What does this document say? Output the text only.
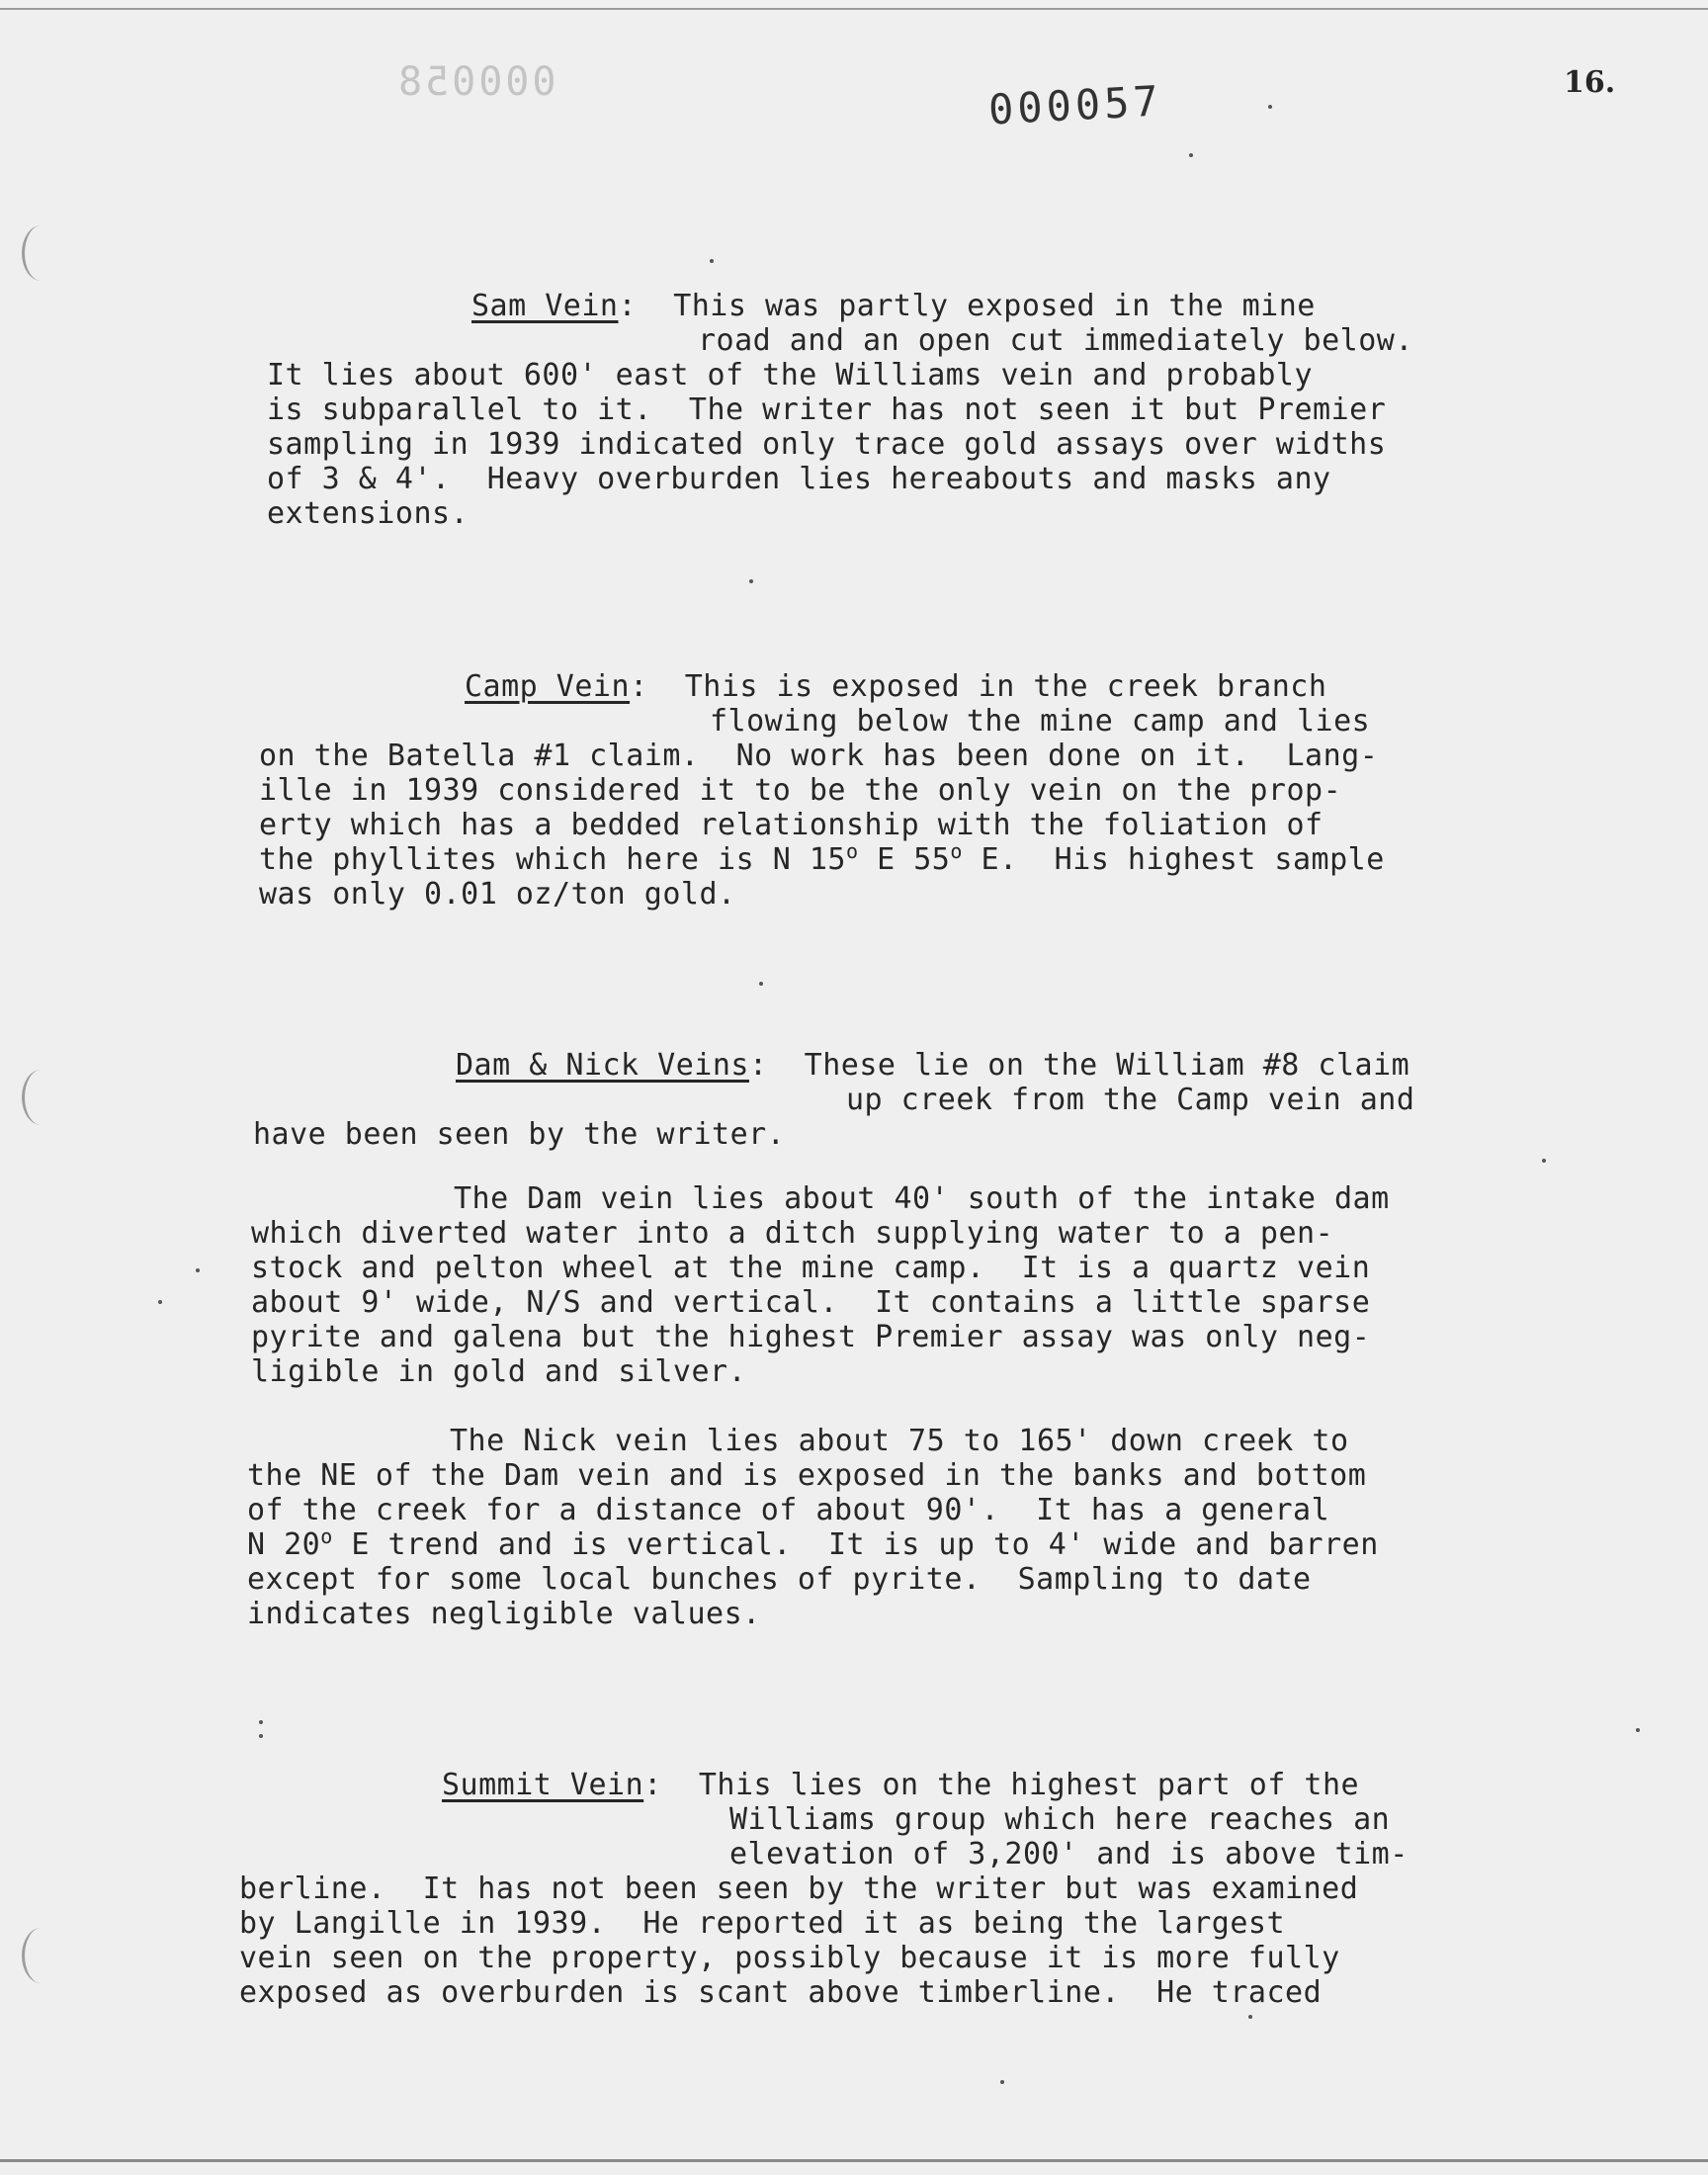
000058	000057	16.
Sam Vein:  This was partly exposed in the mine
road and an open cut immediately below.
It lies about 600' east of the Williams vein and probably
is subparallel to it.  The writer has not seen it but Premier
sampling in 1939 indicated only trace gold assays over widths
of 3 & 4'.  Heavy overburden lies hereabouts and masks any
extensions.
Camp Vein:  This is exposed in the creek branch
flowing below the mine camp and lies
on the Batella #1 claim.  No work has been done on it.  Lang-
ille in 1939 considered it to be the only vein on the prop-
erty which has a bedded relationship with the foliation of
the phyllites which here is N 15$^o$ E 55$^o$ E.  His highest sample
was only 0.01 oz/ton gold.
Dam & Nick Veins:  These lie on the William #8 claim
up creek from the Camp vein and
have been seen by the writer.
The Dam vein lies about 40' south of the intake dam
which diverted water into a ditch supplying water to a pen-
stock and pelton wheel at the mine camp.  It is a quartz vein
about 9' wide, N/S and vertical.  It contains a little sparse
pyrite and galena but the highest Premier assay was only neg-
ligible in gold and silver.
The Nick vein lies about 75 to 165' down creek to
the NE of the Dam vein and is exposed in the banks and bottom
of the creek for a distance of about 90'.  It has a general
N 20$^o$ E trend and is vertical.  It is up to 4' wide and barren
except for some local bunches of pyrite.  Sampling to date
indicates negligible values.
Summit Vein:  This lies on the highest part of the
Williams group which here reaches an
elevation of 3,200' and is above tim-
berline.  It has not been seen by the writer but was examined
by Langille in 1939.  He reported it as being the largest
vein seen on the property, possibly because it is more fully
exposed as overburden is scant above timberline.  He traced
